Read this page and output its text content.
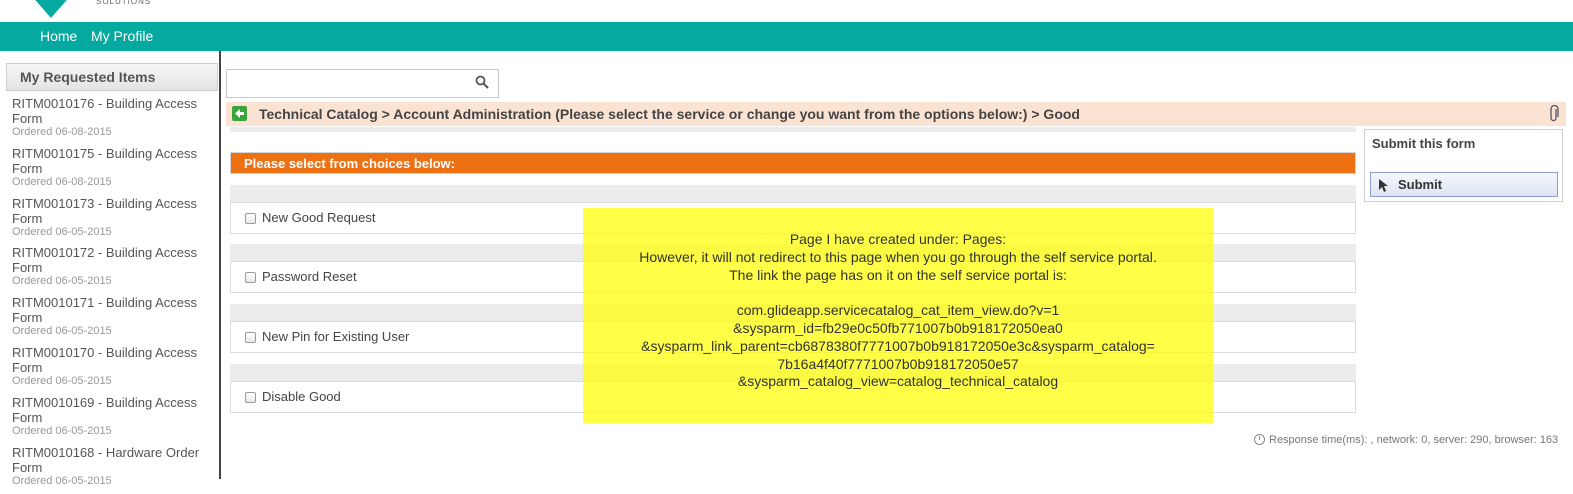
SOLUTIONS
Home My Profile
My Requested Items
RITM0010176 - Building Access Form
Ordered 06-08-2015
RITM0010175 - Building Access Form
Ordered 06-08-2015
RITM0010173 - Building Access Form
Ordered 06-05-2015
RITM0010172 - Building Access Form
Ordered 06-05-2015
RITM0010171 - Building Access Form
Ordered 06-05-2015
RITM0010170 - Building Access Form
Ordered 06-05-2015
RITM0010169 - Building Access Form
Ordered 06-05-2015
RITM0010168 - Hardware Order Form
Ordered 06-05-2015
Technical Catalog > Account Administration (Please select the service or change you want from the options below:) > Good
Please select from choices below:
New Good Request
Password Reset
New Pin for Existing User
Disable Good
Submit this form
Submit
Page I have created under: Pages:
However, it will not redirect to this page when you go through the self service portal.
The link the page has on it on the self service portal is:

com.glideapp.servicecatalog_cat_item_view.do?v=1
&sysparm_id=fb29e0c50fb771007b0b918172050ea0
&sysparm_link_parent=cb6878380f7771007b0b918172050e3c&sysparm_catalog=
7b16a4f40f7771007b0b918172050e57
&sysparm_catalog_view=catalog_technical_catalog
Response time(ms): , network: 0, server: 290, browser: 163
